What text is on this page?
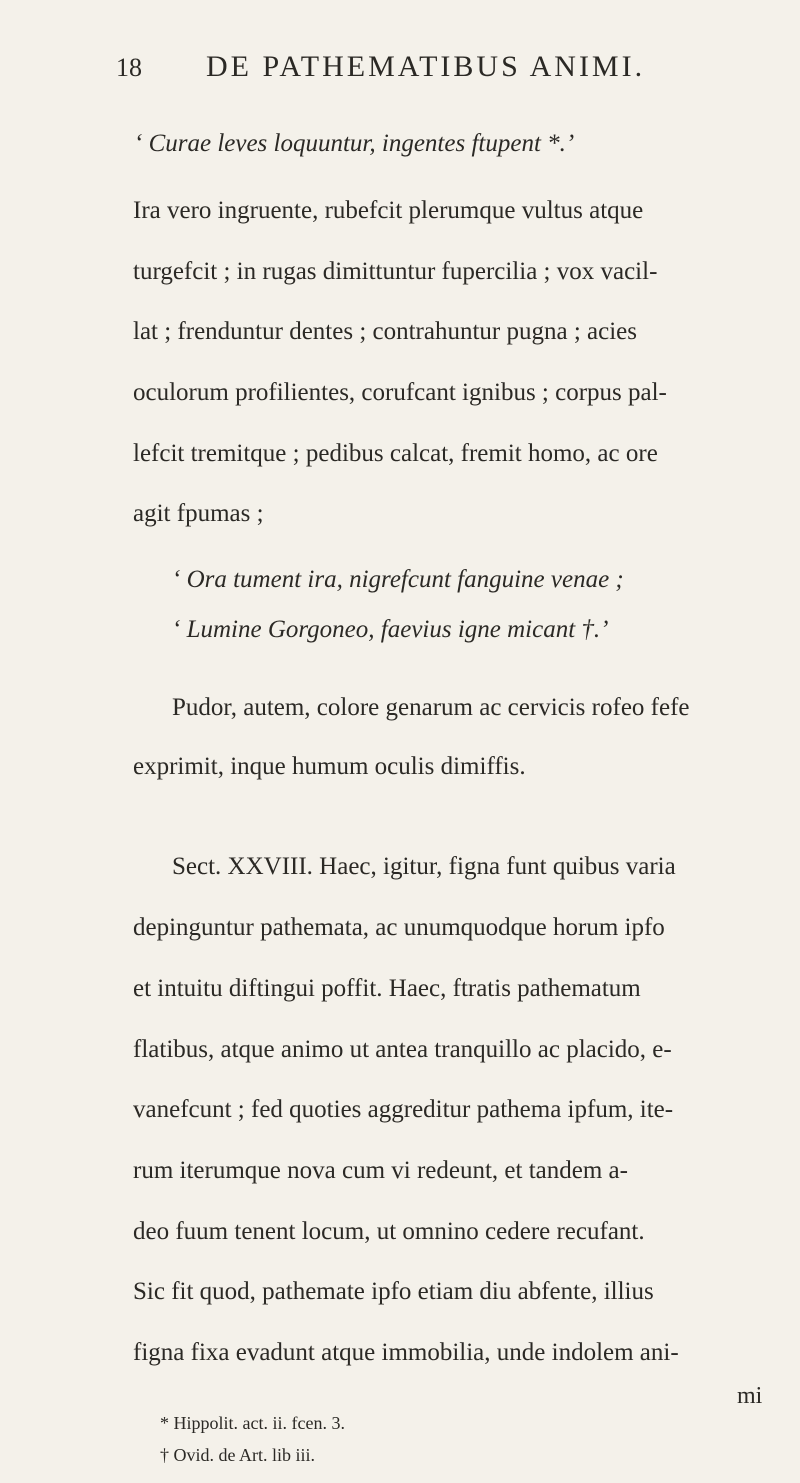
18	DE PATHEMATIBUS ANIMI.
‘ Curae leves loquuntur, ingentes ftupent *.’
Ira vero ingruente, rubefcit plerumque vultus atque
turgefcit ; in rugas dimittuntur fupercilia ; vox vacil-
lat ; frenduntur dentes ; contrahuntur pugna ; acies
oculorum profilientes, corufcant ignibus ; corpus pal-
lefcit tremitque ; pedibus calcat, fremit homo, ac ore
agit fpumas ;
‘ Ora tument ira, nigrefcunt fanguine venae ;
‘ Lumine Gorgoneo, faevius igne micant †.’
Pudor, autem, colore genarum ac cervicis rofeo fefe
exprimit, inque humum oculis dimiffis.
Sect. XXVIII. Haec, igitur, figna funt quibus varia
depinguntur pathemata, ac unumquodque horum ipfo
et intuitu diftingui poffit. Haec, ftratis pathematum
flatibus, atque animo ut antea tranquillo ac placido, e-
vanefcunt ; fed quoties aggreditur pathema ipfum, ite-
rum iterumque nova cum vi redeunt, et tandem a-
deo fuum tenent locum, ut omnino cedere recufant.
Sic fit quod, pathemate ipfo etiam diu abfente, illius
figna fixa evadunt atque immobilia, unde indolem ani-
mi
* Hippolit. act. ii. fcen. 3.
† Ovid. de Art. lib iii.
